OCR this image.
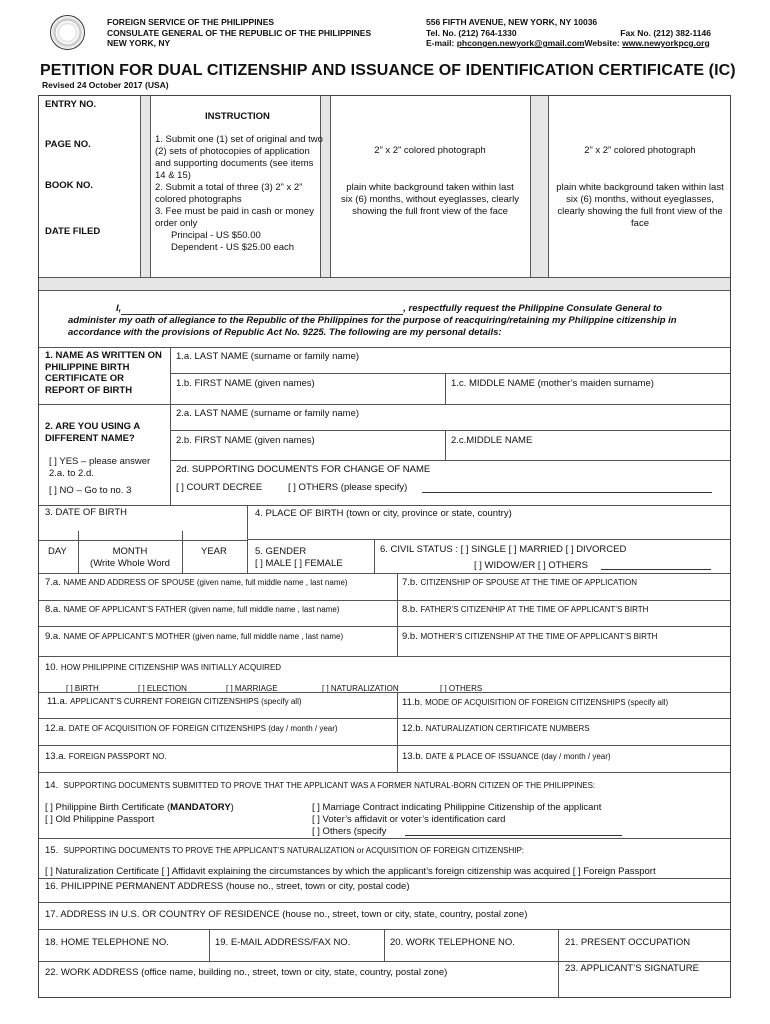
FOREIGN SERVICE OF THE PHILIPPINES
CONSULATE GENERAL OF THE REPUBLIC OF THE PHILIPPINES
NEW YORK, NY
556 FIFTH AVENUE, NEW YORK, NY 10036
Tel. No. (212) 764-1330	Fax No. (212) 382-1146
E-mail: phcongen.newyork@gmail.comWebsite: www.newyorkpcg.org
PETITION FOR DUAL CITIZENSHIP AND ISSUANCE OF IDENTIFICATION CERTIFICATE (IC)
Revised 24 October 2017 (USA)
ENTRY NO.
PAGE NO.
BOOK NO.
DATE FILED
INSTRUCTION
1. Submit one (1) set of original and two (2) sets of photocopies of application and supporting documents (see items 14 & 15)
2. Submit a total of three (3) 2” x 2” colored photographs
3. Fee must be paid in cash or money order only
Principal - US $50.00
Dependent - US $25.00 each
2” x 2” colored photograph
plain white background taken within last six (6) months, without eyeglasses, clearly showing the full front view of the face
2” x 2” colored photograph
plain white background taken within last six (6) months, without eyeglasses, clearly showing the full front view of the face
I,	, respectfully request the Philippine Consulate General to administer my oath of allegiance to the Republic of the Philippines for the purpose of reacquiring/retaining my Philippine citizenship in accordance with the provisions of Republic Act No. 9225. The following are my personal details:
1. NAME AS WRITTEN ON PHILIPPINE BIRTH CERTIFICATE OR REPORT OF BIRTH
1.a. LAST NAME (surname or family name)
1.b. FIRST NAME (given names)	1.c. MIDDLE NAME (mother’s maiden surname)
2. ARE YOU USING A DIFFERENT NAME?
[ ] YES – please answer 2.a. to 2.d.
[ ] NO – Go to no. 3
2.a. LAST NAME (surname or family name)
2.b. FIRST NAME (given names)	2.c.MIDDLE NAME
2d. SUPPORTING DOCUMENTS FOR CHANGE OF NAME
[ ] COURT DECREE	[ ] OTHERS (please specify)
3. DATE OF BIRTH
DAY	MONTH
(Write Whole Word
YEAR
4. PLACE OF BIRTH (town or city, province or state, country)
5. GENDER
[ ] MALE [ ] FEMALE
6. CIVIL STATUS : [ ] SINGLE [ ] MARRIED [ ] DIVORCED
[ ] WIDOW/ER [ ] OTHERS
7.a. NAME AND ADDRESS OF SPOUSE (given name, full middle name , last name)	7.b. CITIZENSHIP OF SPOUSE AT THE TIME OF APPLICATION
8.a. NAME OF APPLICANT’S FATHER (given name, full middle name , last name)	8.b. FATHER’S CITIZENHIP AT THE TIME OF APPLICANT’S BIRTH
9.a. NAME OF APPLICANT’S MOTHER (given name, full middle name , last name)	9.b. MOTHER’S CITIZENSHIP AT THE TIME OF APPLICANT’S BIRTH
10. HOW PHILIPPINE CITIZENSHIP WAS INITIALLY ACQUIRED
[ ] BIRTH	[ ] ELECTION	[ ] MARRIAGE	[ ] NATURALIZATION	[ ] OTHERS
11.a. APPLICANT’S CURRENT FOREIGN CITIZENSHIPS (specify all)	11.b. MODE OF ACQUISITION OF FOREIGN CITIZENSHIPS (specify all)
12.a. DATE OF ACQUISITION OF FOREIGN CITIZENSHIPS (day / month / year)	12.b. NATURALIZATION CERTIFICATE NUMBERS
13.a. FOREIGN PASSPORT NO.	13.b. DATE & PLACE OF ISSUANCE (day / month / year)
14. SUPPORTING DOCUMENTS SUBMITTED TO PROVE THAT THE APPLICANT WAS A FORMER NATURAL-BORN CITIZEN OF THE PHILIPPINES:
[ ] Philippine Birth Certificate (MANDATORY)
[ ] Old Philippine Passport
[ ] Marriage Contract indicating Philippine Citizenship of the applicant
[ ] Voter’s affidavit or voter’s identification card
[ ] Others (specify
15. SUPPORTING DOCUMENTS TO PROVE THE APPLICANT’S NATURALIZATION or ACQUISITION OF FOREIGN CITIZENSHIP:
[ ] Naturalization Certificate [ ] Affidavit explaining the circumstances by which the applicant’s foreign citizenship was acquired [ ] Foreign Passport
16. PHILIPPINE PERMANENT ADDRESS (house no., street, town or city, postal code)
17. ADDRESS IN U.S. OR COUNTRY OF RESIDENCE (house no., street, town or city, state, country, postal zone)
18. HOME TELEPHONE NO.	19. E-MAIL ADDRESS/FAX NO.	20. WORK TELEPHONE NO.	21. PRESENT OCCUPATION
22. WORK ADDRESS (office name, building no., street, town or city, state, country, postal zone)	23. APPLICANT’S SIGNATURE
